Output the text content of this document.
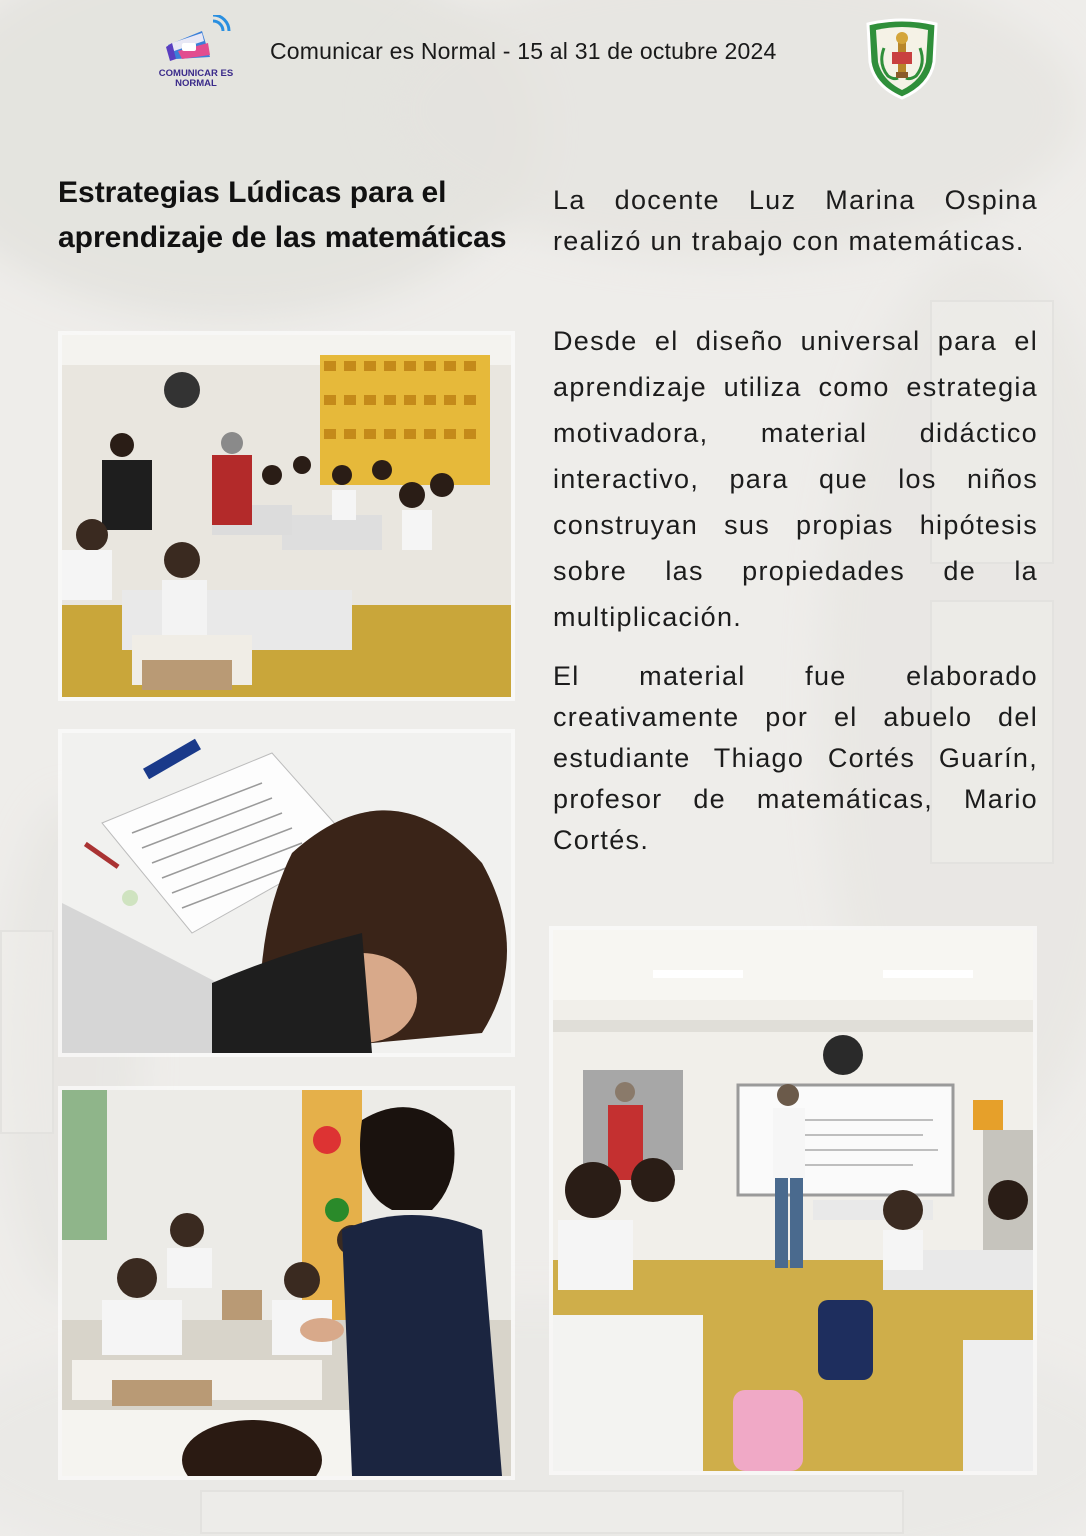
COMUNICAR ES NORMAL
Comunicar es Normal - 15 al 31 de octubre 2024
Estrategias Lúdicas para el aprendizaje de las matemáticas
La docente Luz Marina Ospina realizó un trabajo con matemáticas.
Desde el diseño universal para el aprendizaje utiliza como estrategia motivadora, material didáctico interactivo, para que los niños construyan sus propias hipótesis sobre las propiedades de la multiplicación.
El material fue elaborado creativamente por el abuelo del estudiante Thiago Cortés Guarín, profesor de matemáticas, Mario Cortés.
